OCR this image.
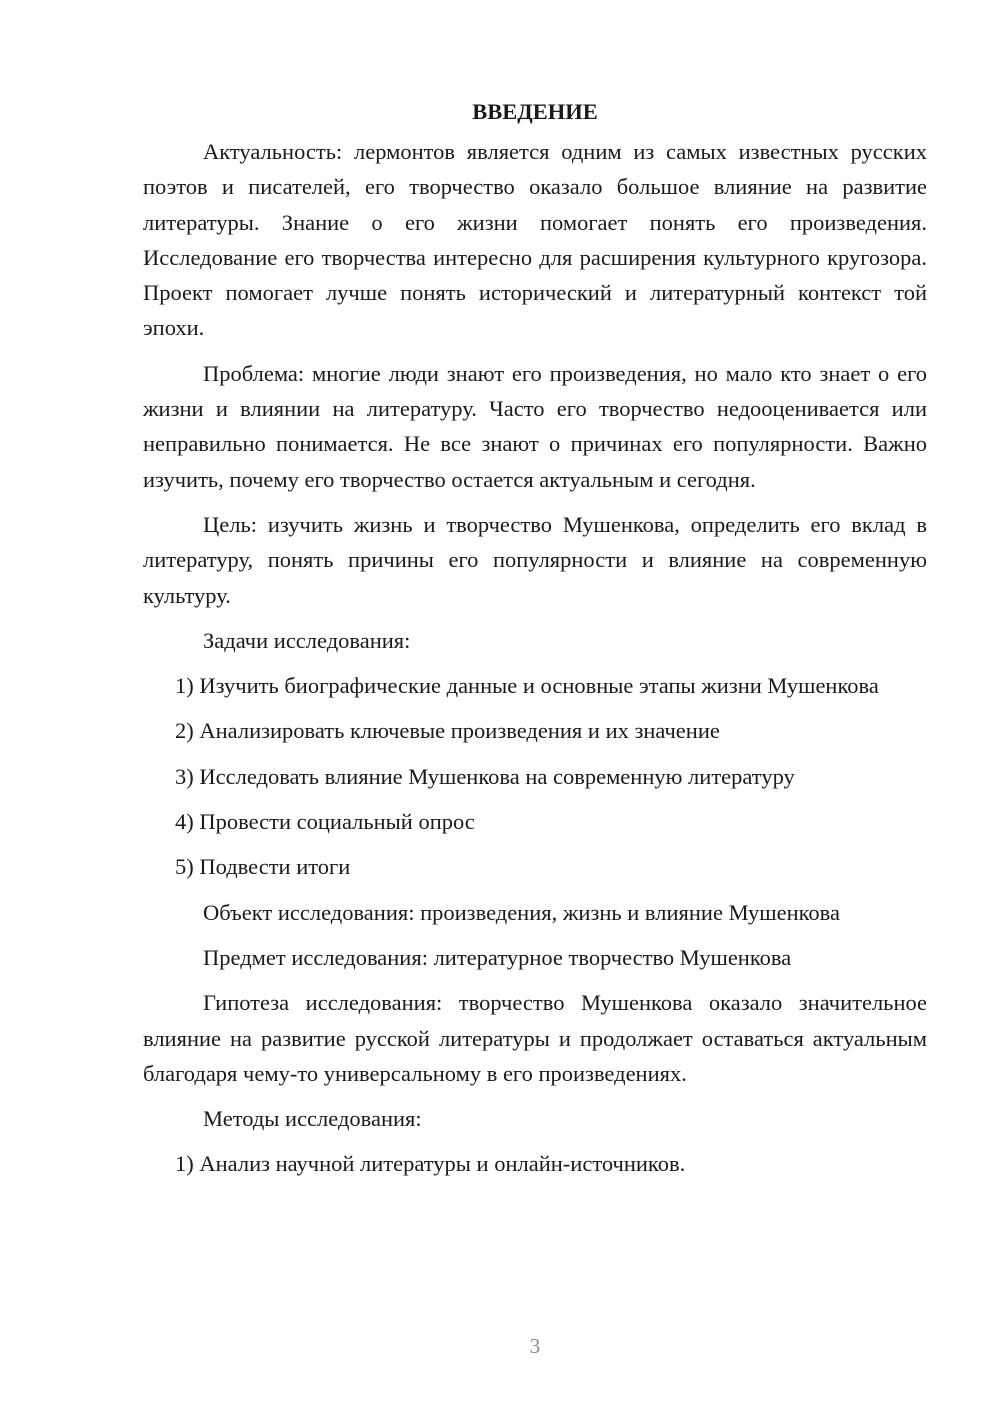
ВВЕДЕНИЕ

Актуальность: лермонтов является одним из самых известных русских поэтов и писателей, его творчество оказало большое влияние на развитие литературы. Знание о его жизни помогает понять его произведения. Исследование его творчества интересно для расширения культурного кругозора. Проект помогает лучше понять исторический и литературный контекст той эпохи.

Проблема: многие люди знают его произведения, но мало кто знает о его жизни и влиянии на литературу. Часто его творчество недооценивается или неправильно понимается. Не все знают о причинах его популярности. Важно изучить, почему его творчество остается актуальным и сегодня.

Цель: изучить жизнь и творчество Мушенкова, определить его вклад в литературу, понять причины его популярности и влияние на современную культуру.

Задачи исследования:

1) Изучить биографические данные и основные этапы жизни Мушенкова

2) Анализировать ключевые произведения и их значение

3) Исследовать влияние Мушенкова на современную литературу

4) Провести социальный опрос

5) Подвести итоги

Объект исследования: произведения, жизнь и влияние Мушенкова

Предмет исследования: литературное творчество Мушенкова

Гипотеза исследования: творчество Мушенкова оказало значительное влияние на развитие русской литературы и продолжает оставаться актуальным благодаря чему-то универсальному в его произведениях.

Методы исследования:

1) Анализ научной литературы и онлайн-источников.

3
